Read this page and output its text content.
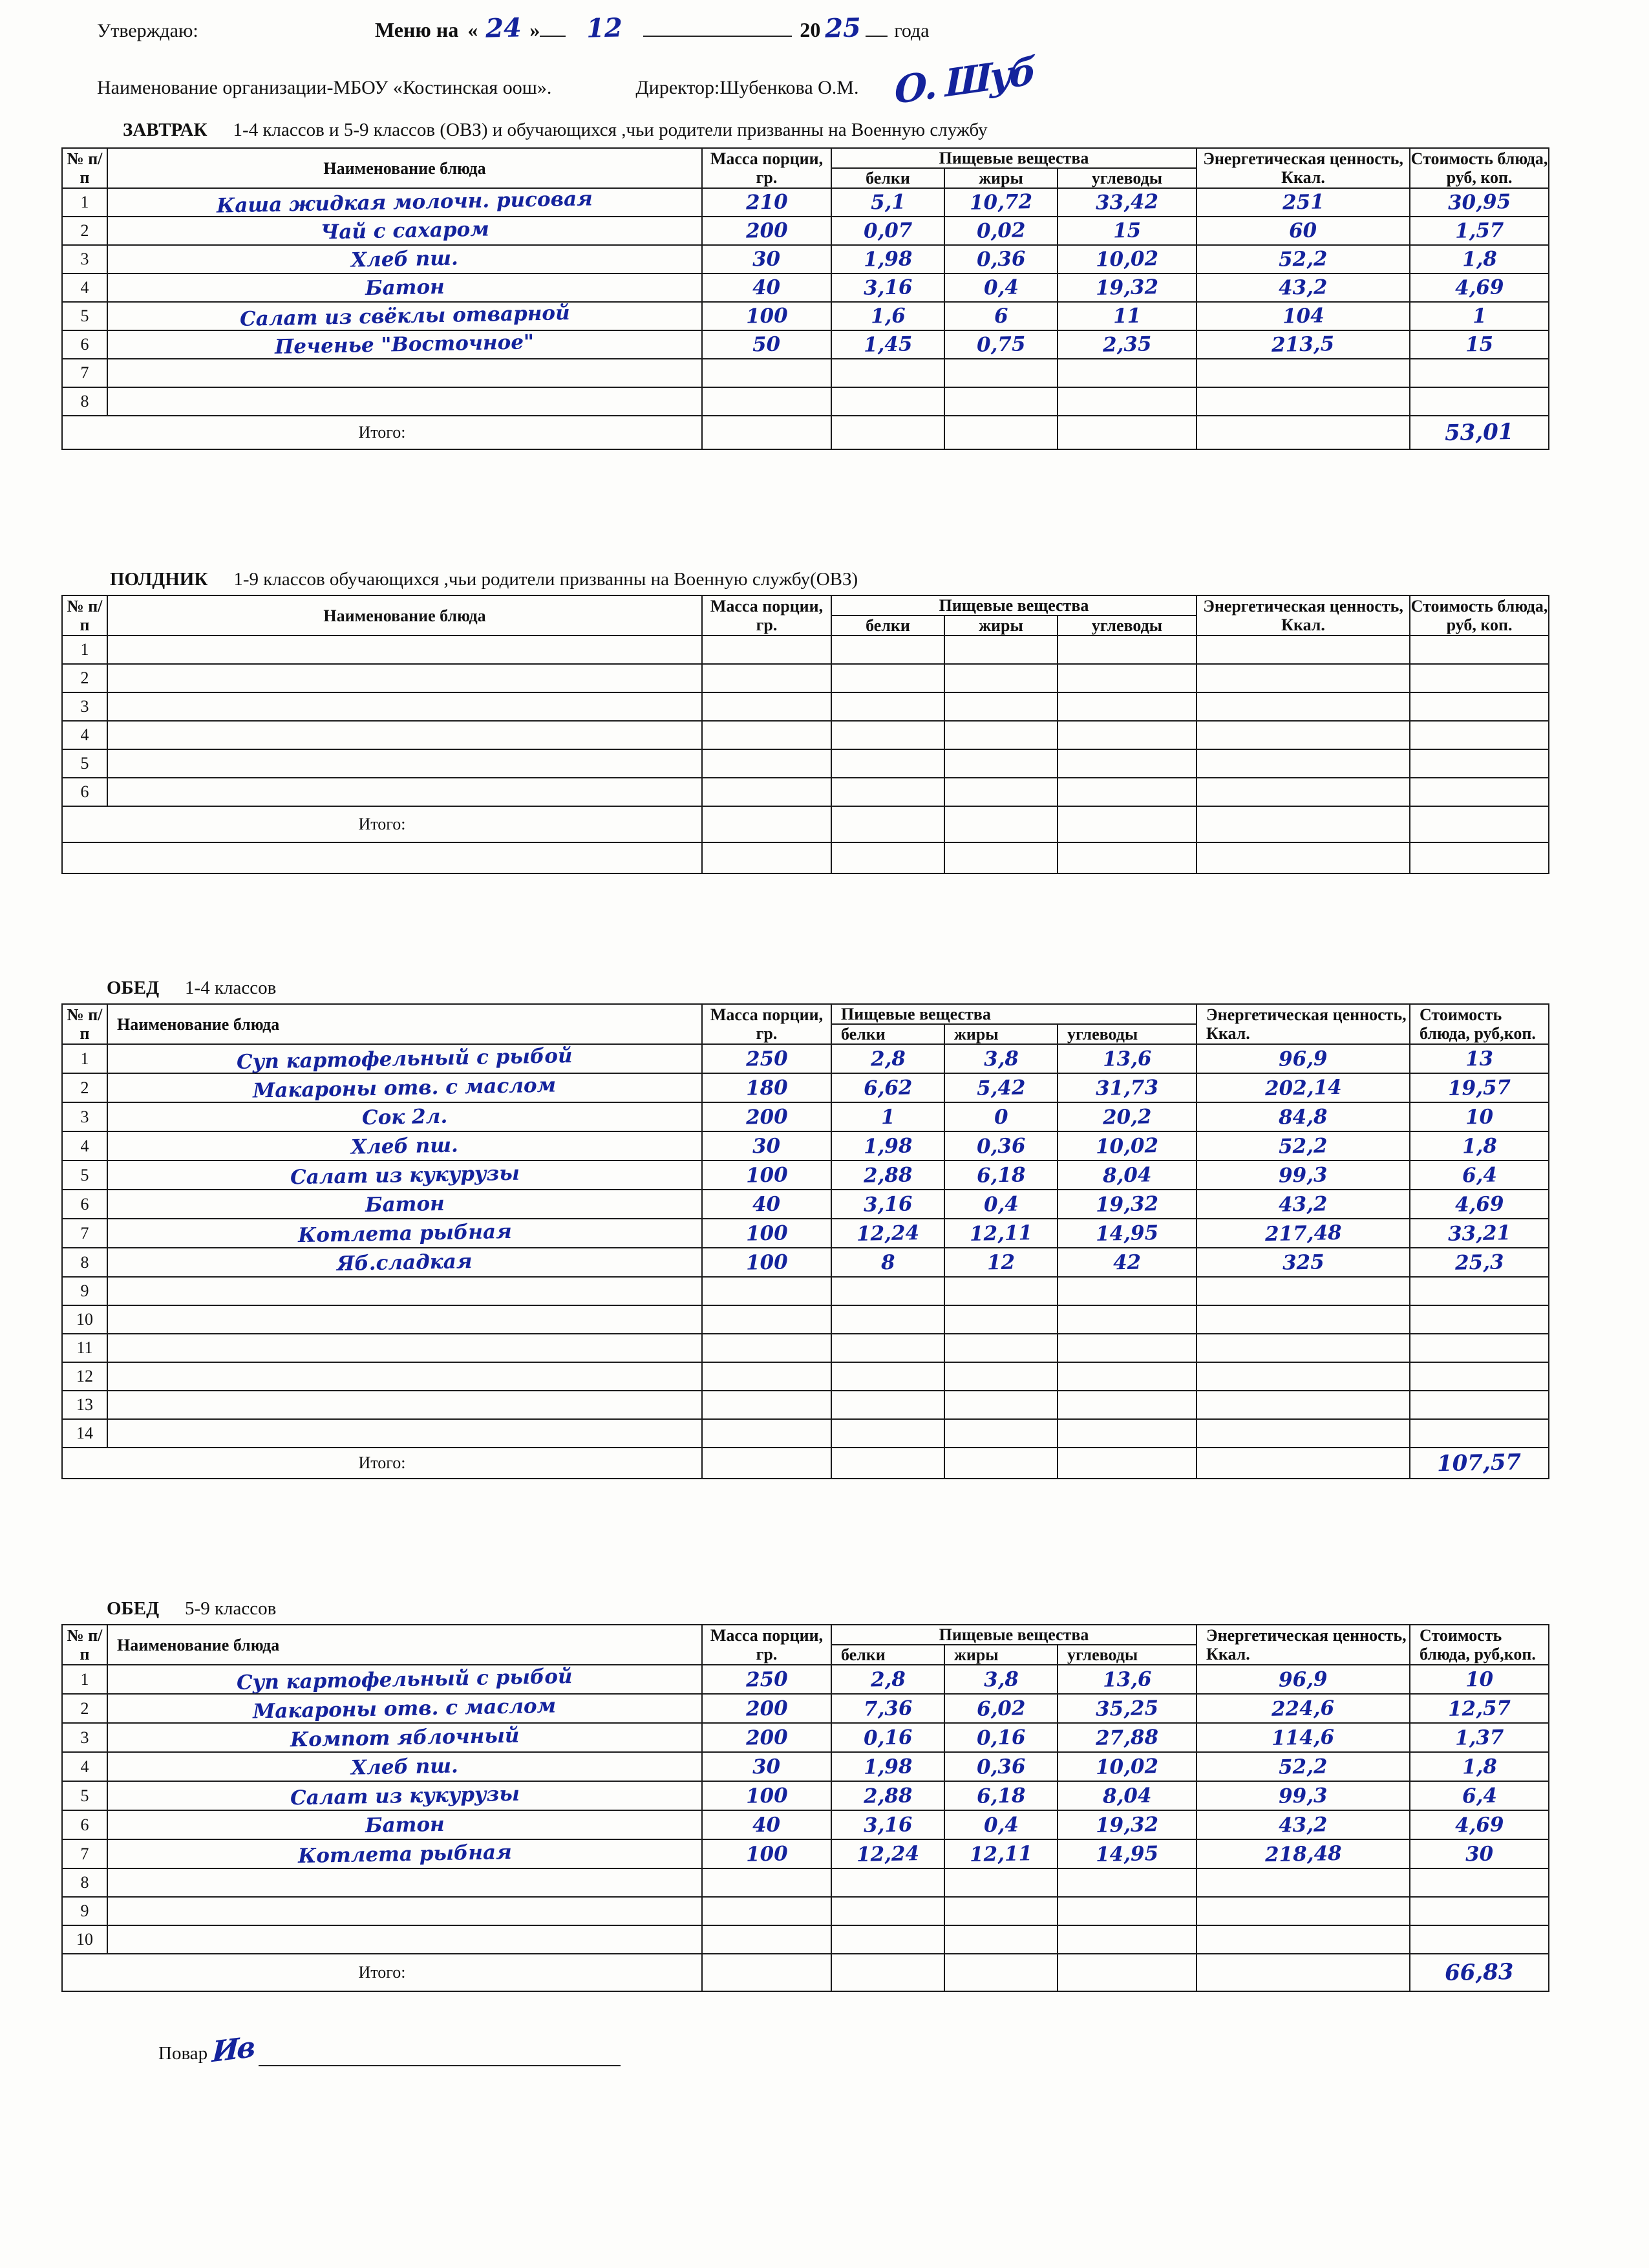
Утверждаю:	Меню на « 24 »	12	20 25 года
Наименование организации-МБОУ «Костинская оош».	Директор:Шубенкова О.М. О. Шуб
ЗАВТРАК 1-4 классов и 5-9 классов (ОВЗ) и обучающихся ,чьи родители призванны на Военную службу
№ п/п	Наименование блюда	Масса порции, гр.	Пищевые вещества			Энергетическая ценность, Ккал.	Стоимость блюда, руб, коп.
			белки	жиры	углеводы		
1	Каша жидкая молочн. рисовая	210	5,1	10,72	33,42	251	30,95
2	Чай с сахаром	200	0,07	0,02	15	60	1,57
3	Хлеб пш.	30	1,98	0,36	10,02	52,2	1,8
4	Батон	40	3,16	0,4	19,32	43,2	4,69
5	Салат из свёклы отварной	100	1,6	6	11	104	1
6	Печенье "Восточное"	50	1,45	0,75	2,35	213,5	15
7							
8							
Итого:							53,01
ПОЛДНИК 1-9 классов обучающихся ,чьи родители призванны на Военную службу(ОВЗ)
№ п/п	Наименование блюда	Масса порции, гр.	Пищевые вещества			Энергетическая ценность, Ккал.	Стоимость блюда, руб, коп.
			белки	жиры	углеводы		
1							
2							
3							
4							
5							
6							
Итого:							

ОБЕД 1-4 классов
№ п/п	Наименование блюда	Масса порции, гр.	Пищевые вещества			Энергетическая ценность, Ккал.	Стоимость блюда, руб,коп.
			белки	жиры	углеводы		
1	Суп картофельный с рыбой	250	2,8	3,8	13,6	96,9	13
2	Макароны отв. с маслом	180	6,62	5,42	31,73	202,14	19,57
3	Сок 2л.	200	1	0	20,2	84,8	10
4	Хлеб пш.	30	1,98	0,36	10,02	52,2	1,8
5	Салат из кукурузы	100	2,88	6,18	8,04	99,3	6,4
6	Батон	40	3,16	0,4	19,32	43,2	4,69
7	Котлета рыбная	100	12,24	12,11	14,95	217,48	33,21
8	Яб.сладкая	100	8	12	42	325	25,3
9							
10							
11							
12							
13							
14							
Итого:							107,57
ОБЕД 5-9 классов
№ п/п	Наименование блюда	Масса порции, гр.	Пищевые вещества			Энергетическая ценность, Ккал.	Стоимость блюда, руб,коп.
			белки	жиры	углеводы		
1	Суп картофельный с рыбой	250	2,8	3,8	13,6	96,9	10
2	Макароны отв. с маслом	200	7,36	6,02	35,25	224,6	12,57
3	Компот яблочный	200	0,16	0,16	27,88	114,6	1,37
4	Хлеб пш.	30	1,98	0,36	10,02	52,2	1,8
5	Салат из кукурузы	100	2,88	6,18	8,04	99,3	6,4
6	Батон	40	3,16	0,4	19,32	43,2	4,69
7	Котлета рыбная	100	12,24	12,11	14,95	218,48	30
8							
9							
10							
Итого:							66,83
Повар Ив
